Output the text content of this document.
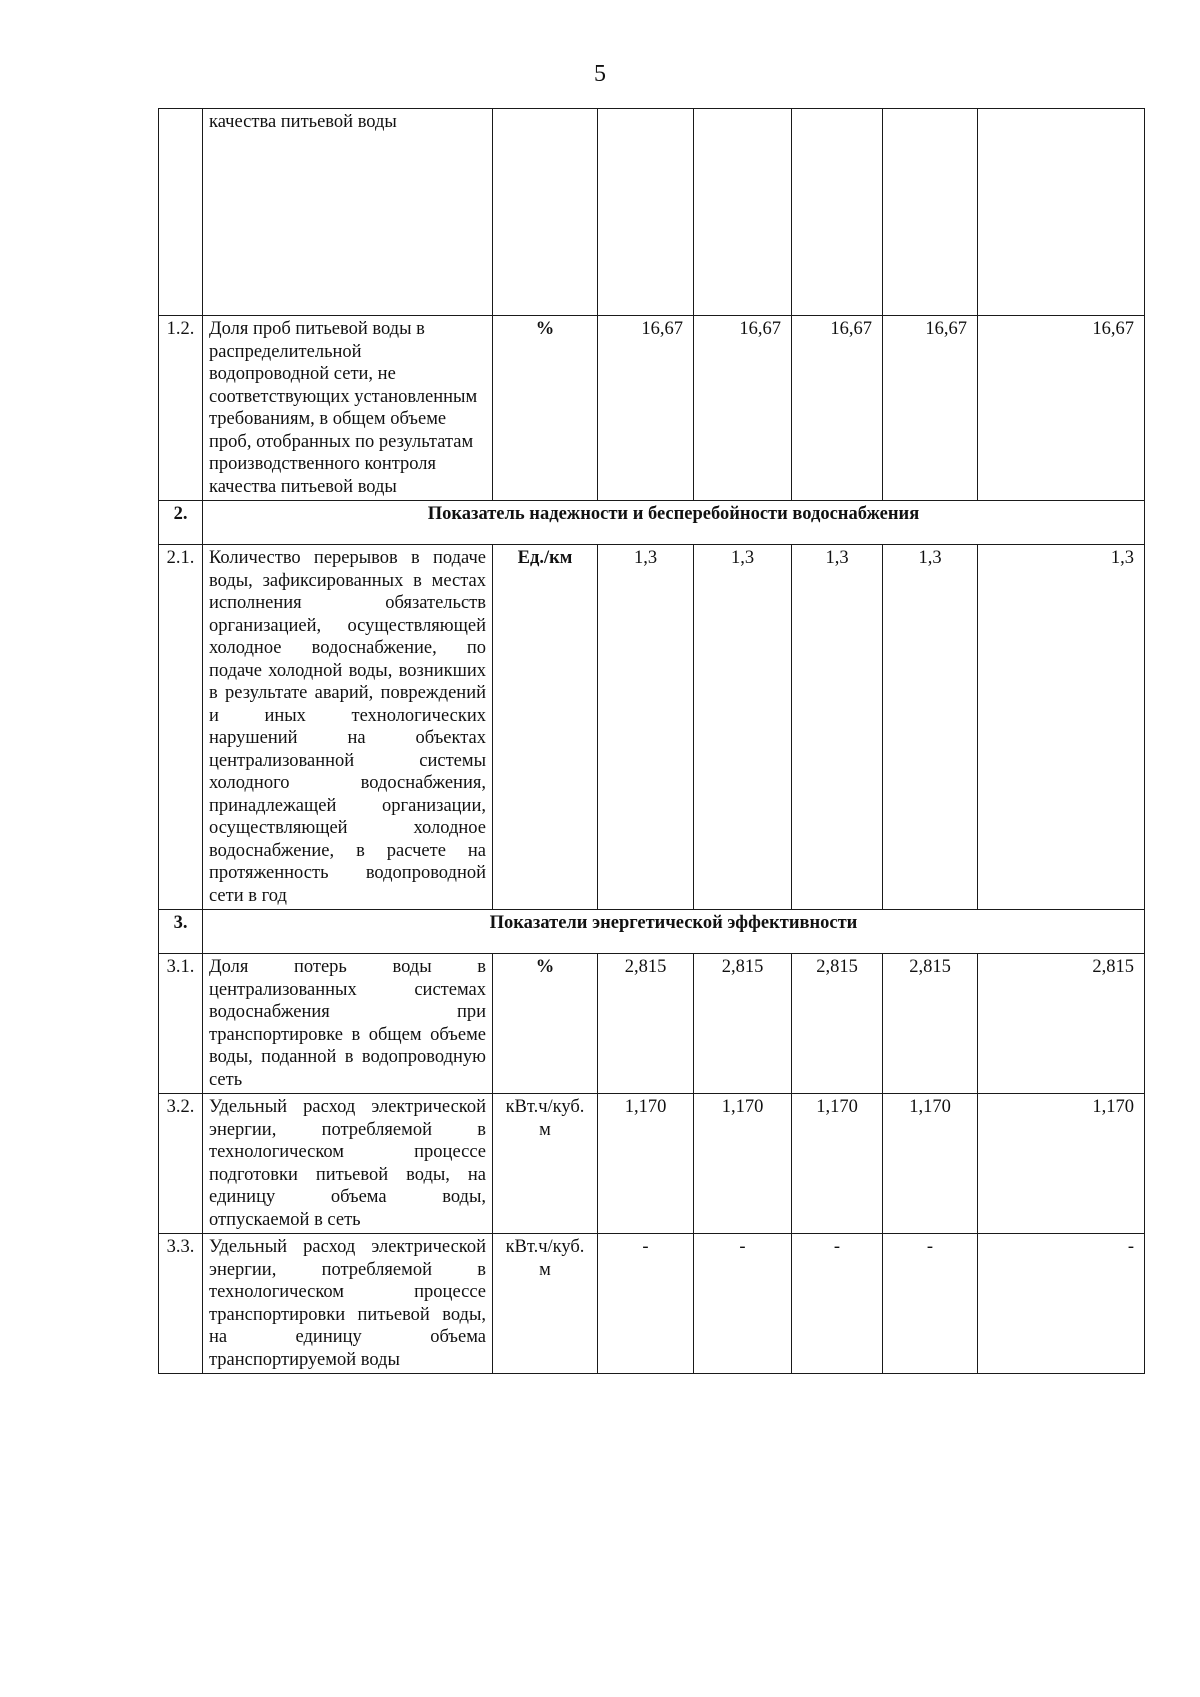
5
	качества питьевой воды						
1.2.	Доля проб питьевой воды в распределительной водопроводной сети, не соответствующих установленным требованиям, в общем объеме проб, отобранных по результатам производственного контроля качества питьевой воды	%	16,67	16,67	16,67	16,67	16,67
2.	Показатель надежности и бесперебойности водоснабжения						
2.1.	Количество перерывов в подаче воды, зафиксированных в местах исполнения обязательств организацией, осуществляющей холодное водоснабжение, по подаче холодной воды, возникших в результате аварий, повреждений и иных технологических нарушений на объектах централизованной системы холодного водоснабжения, принадлежащей организации, осуществляющей холодное водоснабжение, в расчете на протяженность водопроводной сети в год	Ед./км	1,3	1,3	1,3	1,3	1,3
3.	Показатели энергетической эффективности						
3.1.	Доля потерь воды в централизованных системах водоснабжения при транспортировке в общем объеме воды, поданной в водопроводную сеть	%	2,815	2,815	2,815	2,815	2,815
3.2.	Удельный расход электрической энергии, потребляемой в технологическом процессе подготовки питьевой воды, на единицу объема воды, отпускаемой в сеть	кВт.ч/куб. м	1,170	1,170	1,170	1,170	1,170
3.3.	Удельный расход электрической энергии, потребляемой в технологическом процессе транспортировки питьевой воды, на единицу объема транспортируемой воды	кВт.ч/куб. м	-	-	-	-	-
